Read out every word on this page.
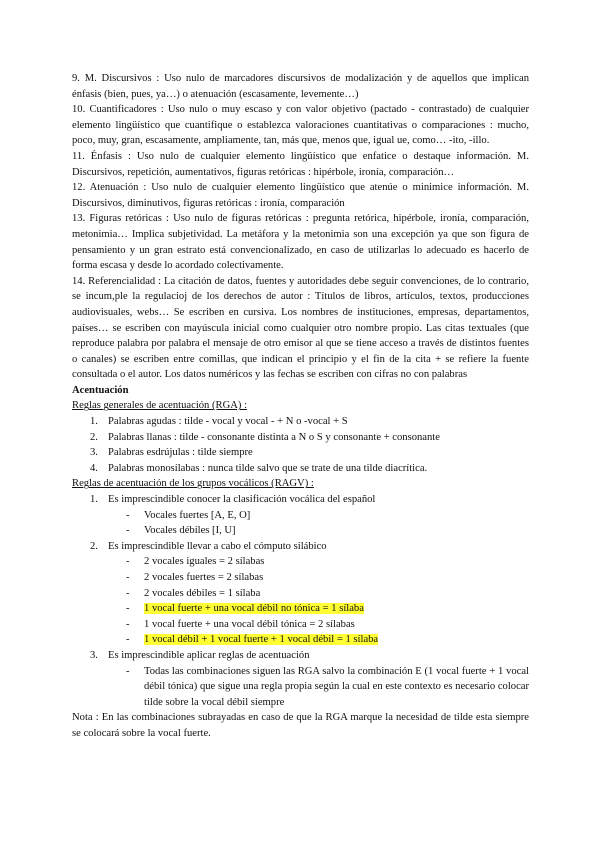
9. M. Discursivos : Uso nulo de marcadores discursivos de modalización y de aquellos que implican énfasis (bien, pues, ya…) o atenuación (escasamente, levemente…)

10. Cuantificadores : Uso nulo o muy escaso y con valor objetivo (pactado - contrastado) de cualquier elemento lingüístico que cuantifique o establezca valoraciones cuantitativas o comparaciones : mucho, poco, muy, gran, escasamente, ampliamente, tan, más que, menos que, igual ue, como… -ito, -illo.

11. Énfasis : Uso nulo de cualquier elemento lingüístico que enfatice o destaque información. M. Discursivos, repetición, aumentativos, figuras retóricas : hipérbole, ironía, comparación…

12. Atenuación : Uso nulo de cualquier elemento lingüístico que atenúe o minimice información. M. Discursivos, diminutivos, figuras retóricas : ironía, comparación

13. Figuras retóricas : Uso nulo de figuras retóricas : pregunta retórica, hipérbole, ironía, comparación, metonimia… Implica subjetividad. La metáfora y la metonimia son una excepción ya que son figura de pensamiento y un gran estrato está convencionalizado, en caso de utilizarlas lo adecuado es hacerlo de forma escasa y desde lo acordado colectivamente.

14. Referencialidad : La citación de datos, fuentes y autoridades debe seguir convenciones, de lo contrario, se incum,ple la regulacioj de los derechos de autor : Títulos de libros, artículos, textos, producciones audiovisuales, webs… Se escriben en cursiva. Los nombres de instituciones, empresas, departamentos, países… se escriben con mayúscula inicial como cualquier otro nombre propio. Las citas textuales (que reproduce palabra por palabra el mensaje de otro emisor al que se tiene acceso a través de distintos fuentes o canales) se escriben entre comillas, que indican el principio y el fin de la cita + se refiere la fuente consultada o el autor. Los datos numéricos y las fechas se escriben con cifras no con palabras

Acentuación

Reglas generales de acentuación (RGA) :

1. Palabras agudas : tilde - vocal y vocal - + N o -vocal + S
2. Palabras llanas : tilde - consonante distinta a N o S y consonante + consonante
3. Palabras esdrújulas : tilde siempre
4. Palabras monosílabas : nunca tilde salvo que se trate de una tilde diacrítica.

Reglas de acentuación de los grupos vocálicos (RAGV) :

1. Es imprescindible conocer la clasificación vocálica del español
-	Vocales fuertes [A, E, O]
-	Vocales débiles [I, U]
2. Es imprescindible llevar a cabo el cómputo silábico
-	2 vocales iguales = 2 sílabas
-	2 vocales fuertes = 2 sílabas
-	2 vocales débiles = 1 sílaba
-	1 vocal fuerte + una vocal débil no tónica = 1 sílaba
-	1 vocal fuerte + una vocal débil tónica = 2 sílabas
-	1 vocal débil + 1 vocal fuerte + 1 vocal débil = 1 sílaba
3. Es imprescindible aplicar reglas de acentuación
-	Todas las combinaciones siguen las RGA salvo la combinación E (1 vocal fuerte + 1 vocal débil tónica) que sigue una regla propia según la cual en este contexto es necesario colocar tilde sobre la vocal débil siempre

Nota : En las combinaciones subrayadas en caso de que la RGA marque la necesidad de tilde esta siempre se colocará sobre la vocal fuerte.
